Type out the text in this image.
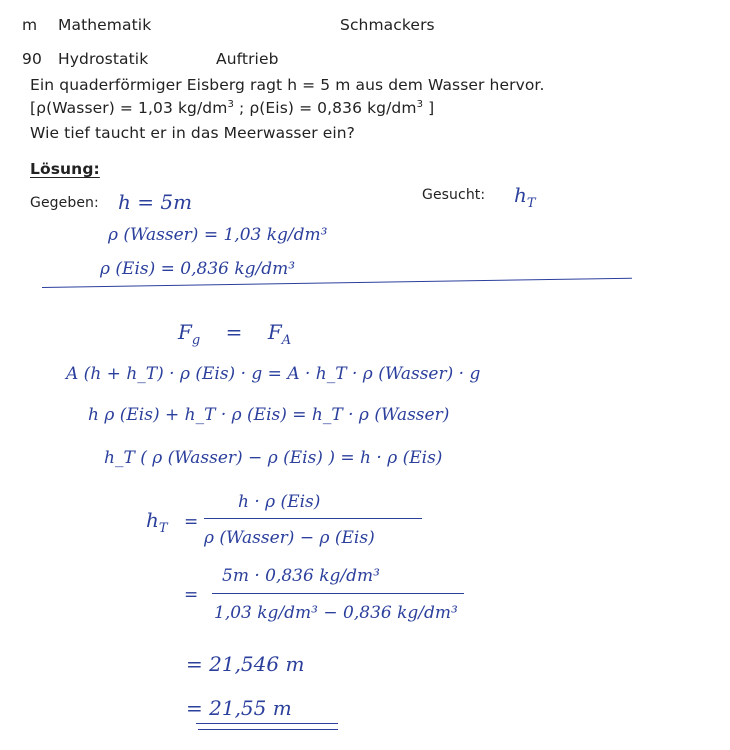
m Mathematik	Schmackers
90 Hydrostatik	Auftrieb
Ein quaderförmiger Eisberg ragt h = 5 m aus dem Wasser hervor.
[ρ(Wasser) = 1,03 $kg/dm^3$ ; ρ(Eis) = 0,836 $kg/dm^3$ ]
Wie tief taucht er in das Meerwasser ein?
Lösung:
Gegeben: h = 5m
ρ (Wasser) = 1,03 kg/dm³
ρ (Eis) = 0,836 kg/dm³
Gesucht: $h_T$
$F_g = F_A$
A (h + h_T) · ρ (Eis) · g = A · h_T · ρ (Wasser) · g
h ρ (Eis) + h_T · ρ (Eis) = h_T · ρ (Wasser)
h_T ( ρ (Wasser) − ρ (Eis) ) = h · ρ (Eis)
$h_T$ =
h · ρ (Eis)
ρ (Wasser) − ρ (Eis)
=
5m · 0,836 kg/dm³
1,03 kg/dm³ − 0,836 kg/dm³
= 21,546 m
= 21,55 m
